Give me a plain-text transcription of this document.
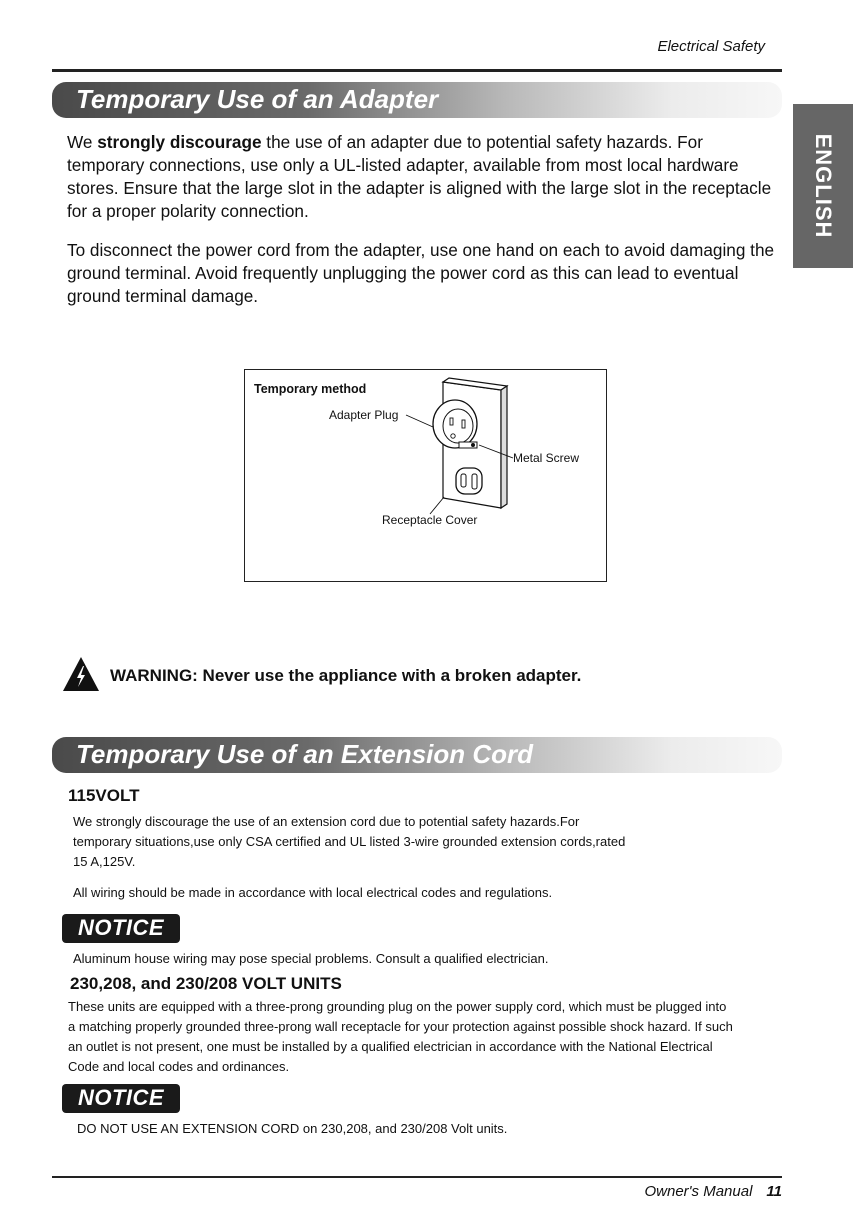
Electrical Safety
ENGLISH
Temporary Use of an Adapter

We strongly discourage the use of an adapter due to potential safety hazards. For temporary connections, use only a UL-listed adapter, available from most local hardware stores. Ensure that the large slot in the adapter is aligned with the large slot in the receptacle for a proper polarity connection.

To disconnect the power cord from the adapter, use one hand on each to avoid damaging the ground terminal. Avoid frequently unplugging the power cord as this can lead to eventual ground terminal damage.

Temporary method
Adapter Plug
Metal Screw
Receptacle Cover
WARNING: Never use the appliance with a broken adapter.
Temporary Use of an Extension Cord
115VOLT

We strongly discourage the use of an extension cord due to potential safety hazards.For temporary situations,use only CSA certified and UL listed 3-wire grounded extension cords,rated 15 A,125V.

All wiring should be made in accordance with local electrical codes and regulations.

NOTICE

Aluminum house wiring may pose special problems. Consult a qualified electrician.

230,208, and 230/208 VOLT UNITS

These units are equipped with a three-prong grounding plug on the power supply cord, which must be plugged into a matching properly grounded three-prong wall receptacle for your protection against possible shock hazard. If such an outlet is not present, one must be installed by a qualified electrician in accordance with the National Electrical Code and local codes and ordinances.

NOTICE

DO NOT USE AN EXTENSION CORD on 230,208, and 230/208 Volt units.

Owner's Manual 11
